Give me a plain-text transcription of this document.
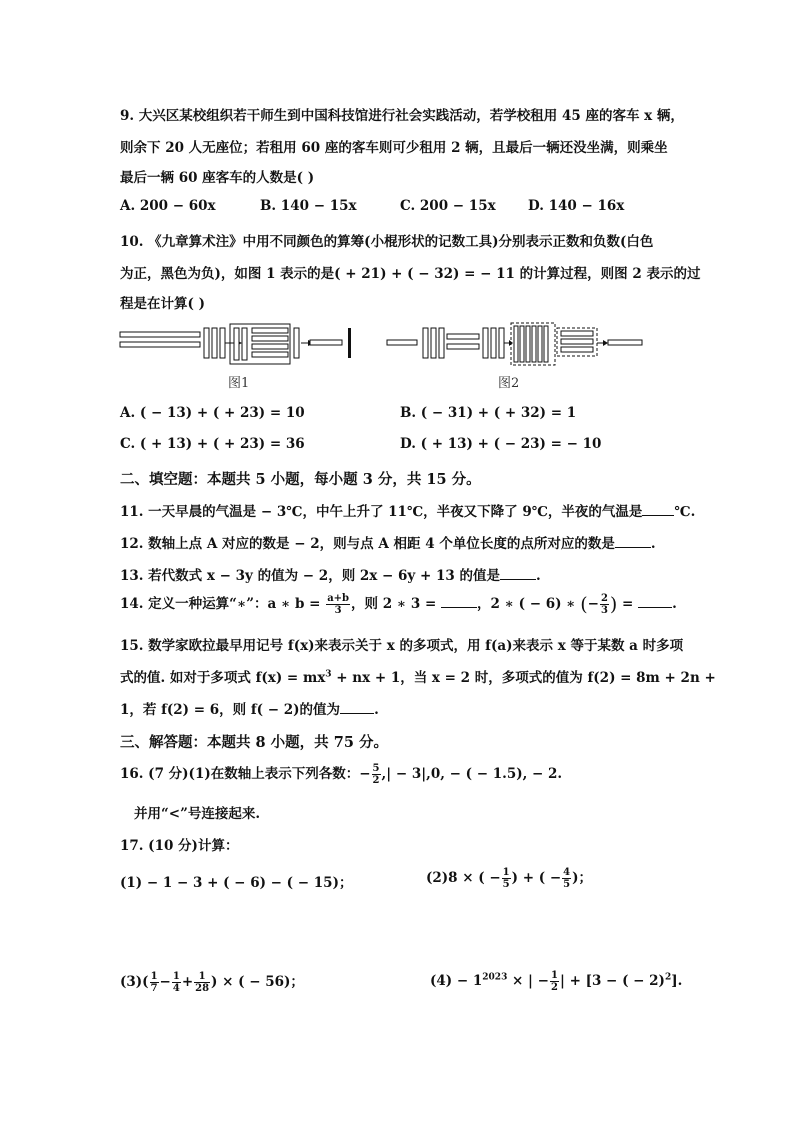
9. 大兴区某校组织若干师生到中国科技馆进行社会实践活动，若学校租用 45 座的客车 x 辆，
则余下 20 人无座位；若租用 60 座的客车则可少租用 2 辆，且最后一辆还没坐满，则乘坐
最后一辆 60 座客车的人数是( )
A. 200 − 60x	B. 140 − 15x	C. 200 − 15x D. 140 − 16x
10. 《九章算术注》中用不同颜色的算筹(小棍形状的记数工具)分别表示正数和负数(白色
为正，黑色为负)，如图 1 表示的是( + 21) + ( − 32) = − 11 的计算过程，则图 2 表示的过
程是在计算( )
图1	图2
A. ( − 13) + ( + 23) = 10	B. ( − 31) + ( + 32) = 1
C. ( + 13) + ( + 23) = 36	D. ( + 13) + ( − 23) = − 10
二、填空题：本题共 5 小题，每小题 3 分，共 15 分。
11. 一天早晨的气温是 − 3℃，中午上升了 11℃，半夜又下降了 9℃，半夜的气温是 ℃.
12. 数轴上点 A 对应的数是 − 2，则与点 A 相距 4 个单位长度的点所对应的数是	.
13. 若代数式 x − 3y 的值为 − 2，则 2x − 6y + 13 的值是	.
14. 定义一种运算“∗”：a ∗ $b = \frac{a+b}{3}$ ，则 2 ∗ 3 =	，2 ∗ ( − 6) ∗ (− $\frac{2}{3}$ ) =	.
15. 数学家欧拉最早用记号 f(x)来表示关于 x 的多项式，用 f(a)来表示 x 等于某数 a 时多项
式的值. 如对于多项式 $f(x) = mx^3$ + nx + 1，当 x = 2 时，多项式的值为 f(2) = 8m + 2n +
1，若 f(2) = 6，则 f( − 2)的值为	.
三、解答题：本题共 8 小题，共 75 分。
16. (7 分)(1)在数轴上表示下列各数：− $\frac{5}{2}$ ,| − 3|,0, − ( − 1.5), − 2.
并用“<”号连接起来.
17. (10 分)计算：
(1) − 1 − 3 + ( − 6) − ( − 15)；	(2)8 × ( − $\frac{1}{5}$ ) + ( − $\frac{4}{5}$ )；
$(3)( \frac{1}{7} - \frac{1}{4} + \frac{1}{28}$ ) × ( − 56)；	$(4) - 1^{2023}$ × | − $\frac{1}{2}$ | + [3 − ( − 2)$^2$].
